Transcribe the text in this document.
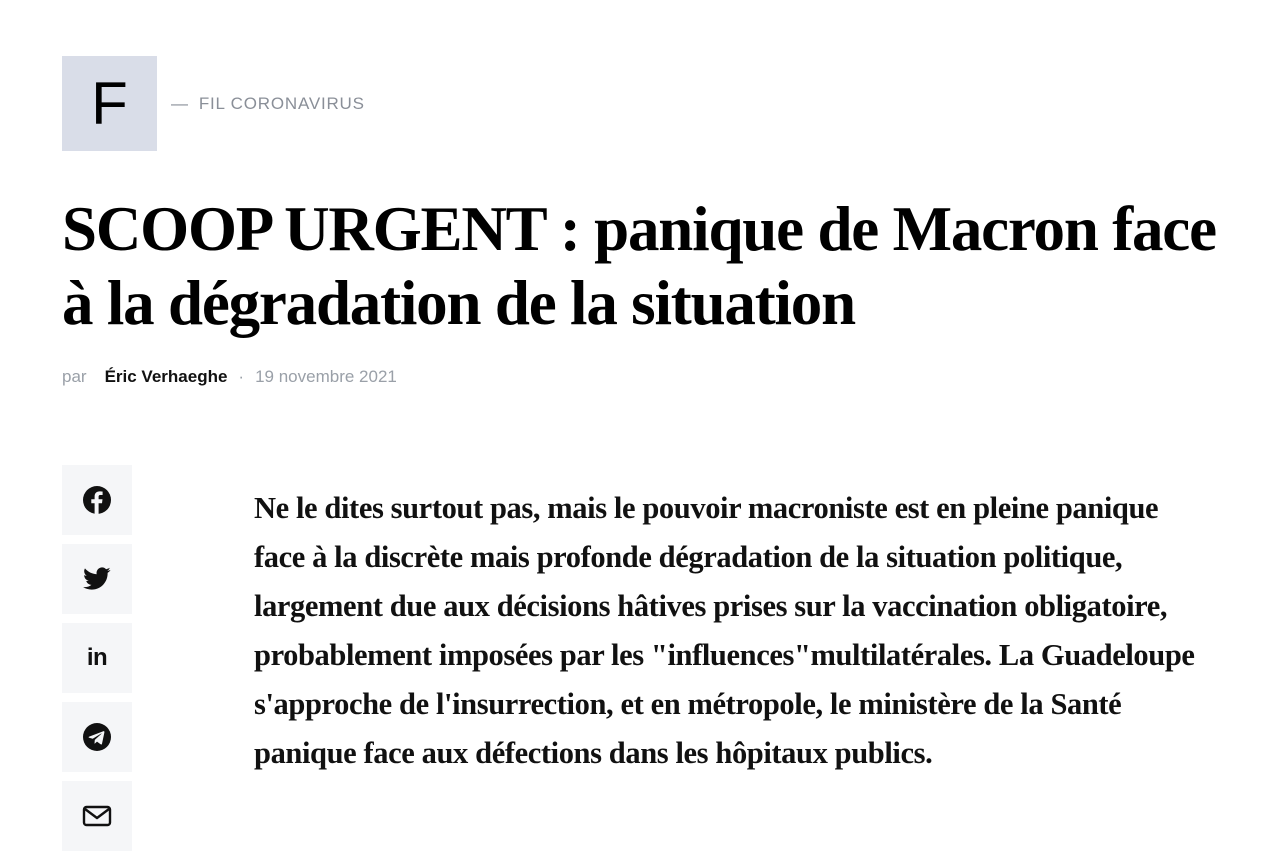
F	— FIL CORONAVIRUS
SCOOP URGENT : panique de Macron face à la dégradation de la situation
par Éric Verhaeghe · 19 novembre 2021
in

Ne le dites surtout pas, mais le pouvoir macroniste est en pleine panique face à la discrète mais profonde dégradation de la situation politique, largement due aux décisions hâtives prises sur la vaccination obligatoire, probablement imposées par les "influences"multilatérales. La Guadeloupe s'approche de l'insurrection, et en métropole, le ministère de la Santé panique face aux défections dans les hôpitaux publics.
